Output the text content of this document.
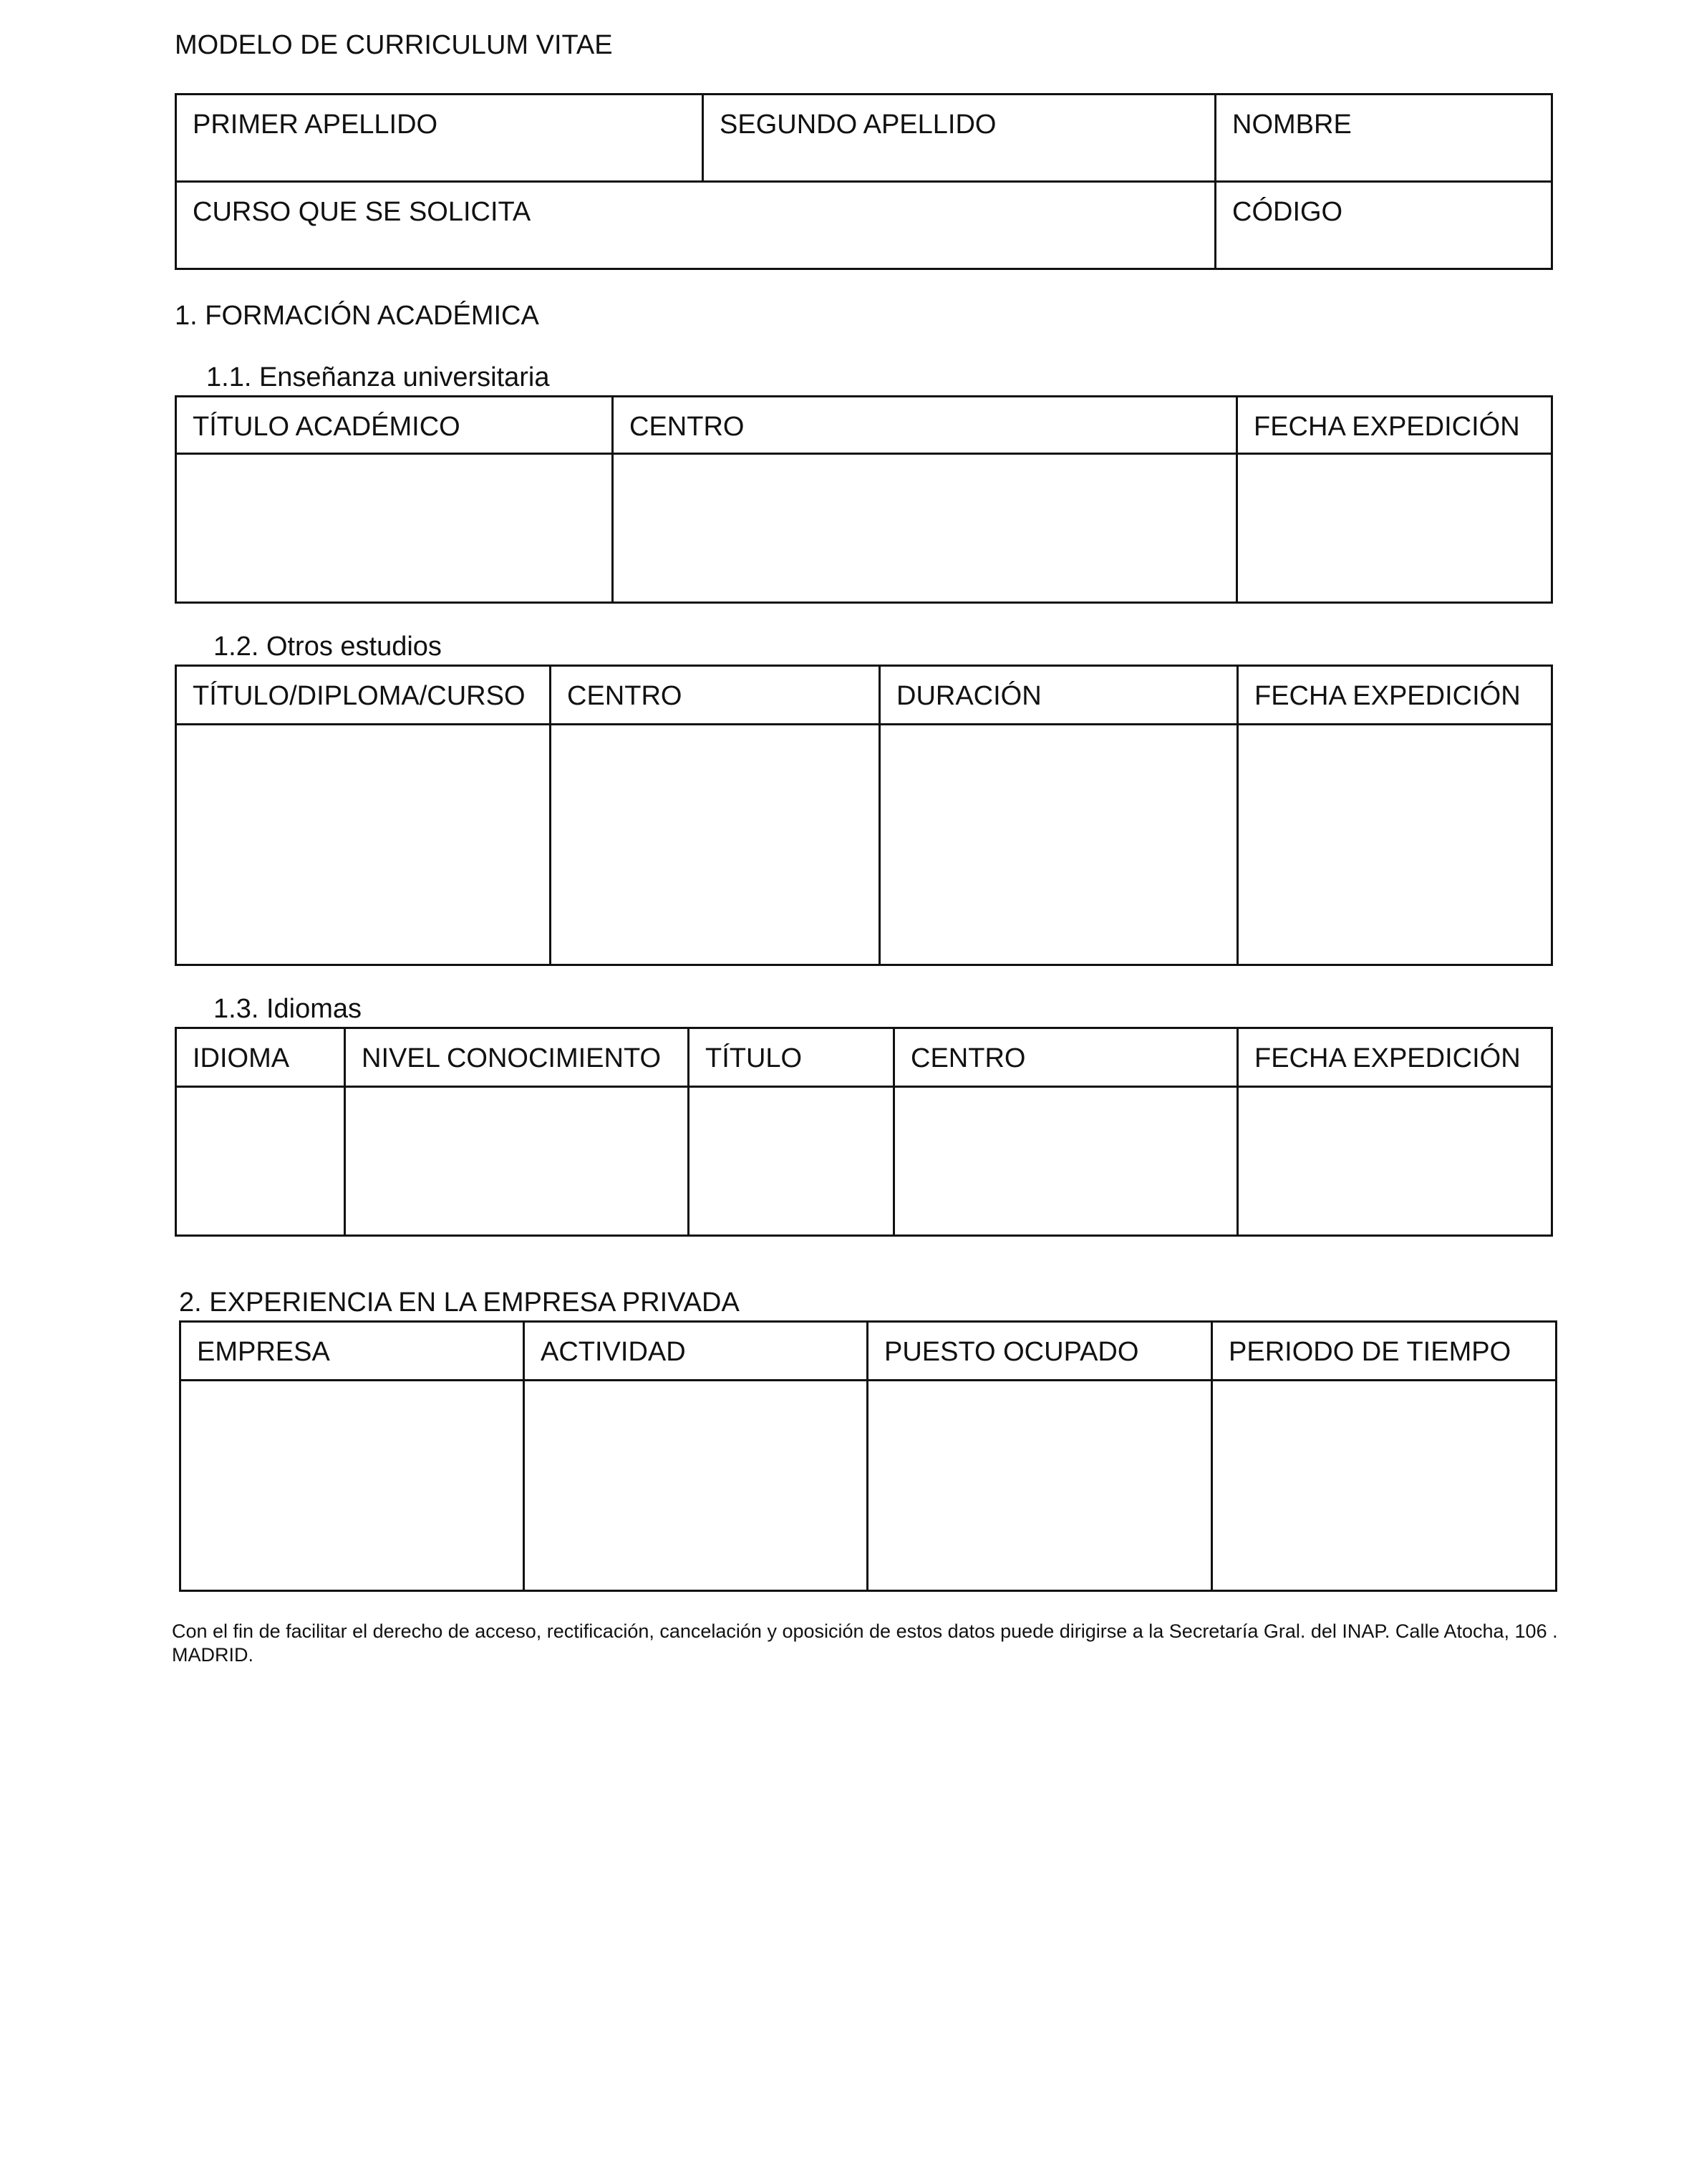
MODELO DE CURRICULUM VITAE
PRIMER APELLIDO	SEGUNDO APELLIDO	NOMBRE
CURSO QUE SE SOLICITA		CÓDIGO
1. FORMACIÓN ACADÉMICA
1.1. Enseñanza universitaria
TÍTULO ACADÉMICO	CENTRO	FECHA EXPEDICIÓN

1.2. Otros estudios
TÍTULO/DIPLOMA/CURSO	CENTRO	DURACIÓN	FECHA EXPEDICIÓN

1.3. Idiomas
IDIOMA	NIVEL CONOCIMIENTO	TÍTULO	CENTRO	FECHA EXPEDICIÓN

2. EXPERIENCIA EN LA EMPRESA PRIVADA
EMPRESA	ACTIVIDAD	PUESTO OCUPADO	PERIODO DE TIEMPO

Con el fin de facilitar el derecho de acceso, rectificación, cancelación y oposición de estos datos puede dirigirse a la Secretaría Gral. del INAP. Calle Atocha, 106 . MADRID.
